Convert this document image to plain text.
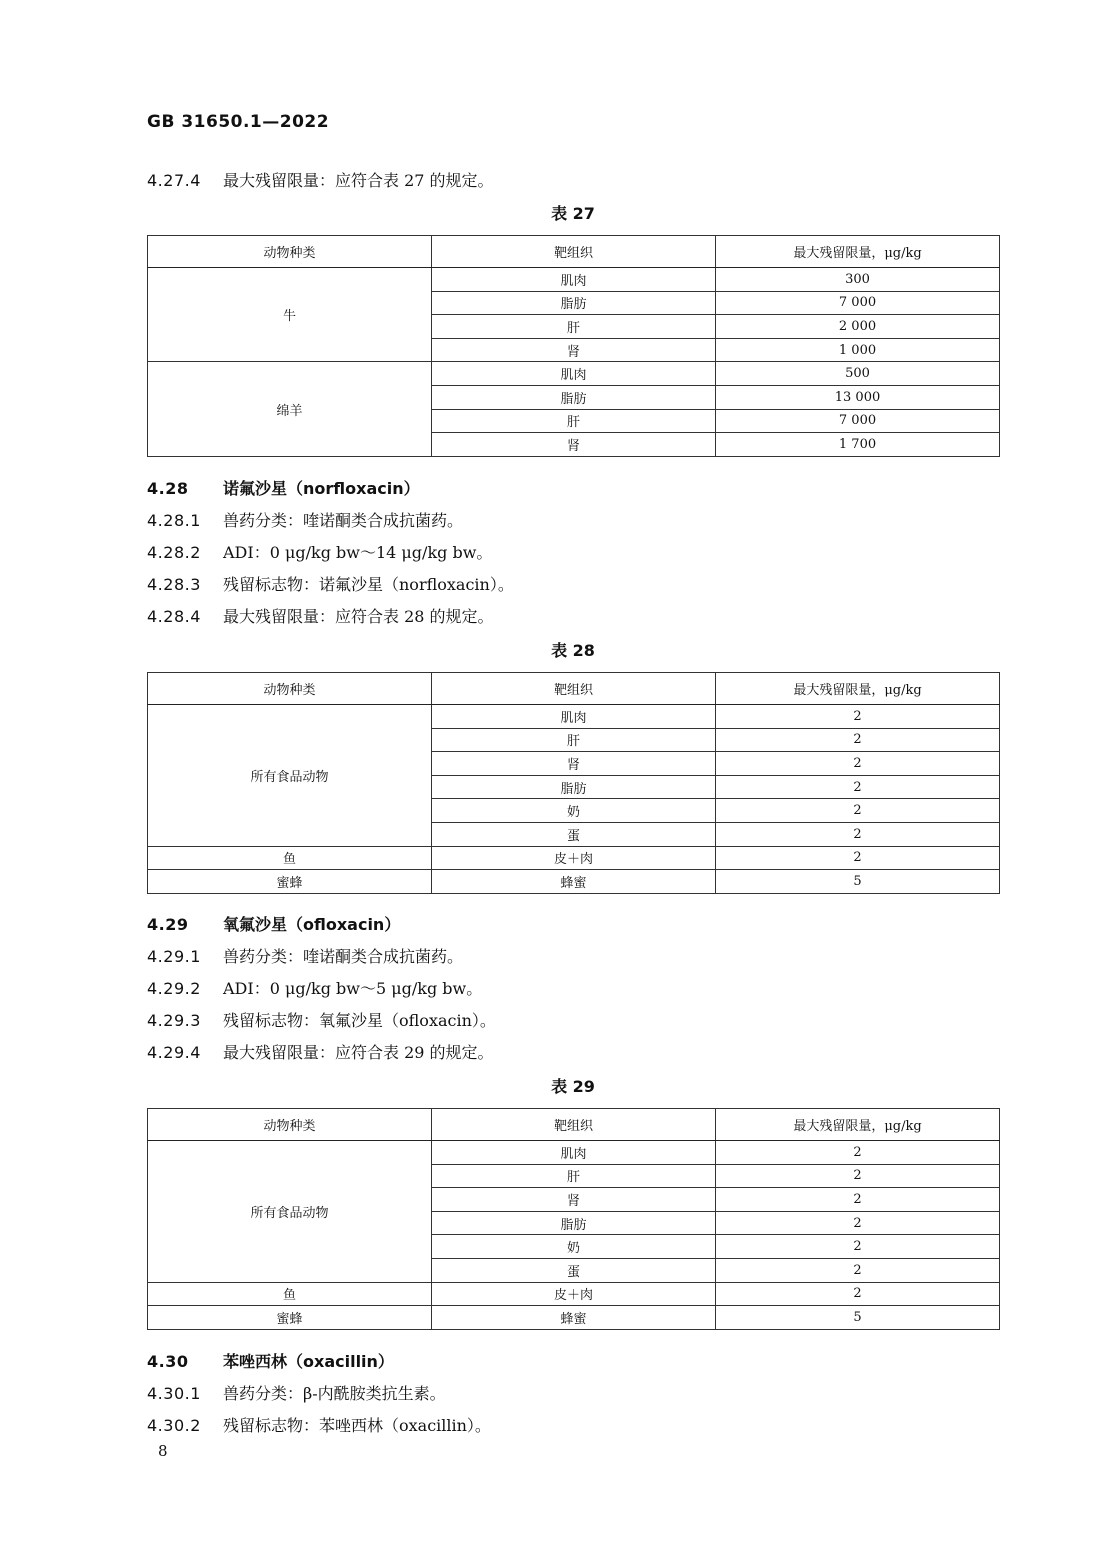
GB 31650.1—2022
4.27.4 最大残留限量：应符合表 27 的规定。
表 27
动物种类	靶组织	最大残留限量，μg/kg
牛	肌肉	300
	脂肪	7 000
	肝	2 000
	肾	1 000
绵羊	肌肉	500
	脂肪	13 000
	肝	7 000
	肾	1 700
4.28 诺氟沙星（norfloxacin）
4.28.1 兽药分类：喹诺酮类合成抗菌药。
4.28.2 ADI：0 μg/kg bw～14 μg/kg bw。
4.28.3 残留标志物：诺氟沙星（norfloxacin）。
4.28.4 最大残留限量：应符合表 28 的规定。
表 28
动物种类	靶组织	最大残留限量，μg/kg
所有食品动物	肌肉	2
	肝	2
	肾	2
	脂肪	2
	奶	2
	蛋	2
鱼	皮＋肉	2
蜜蜂	蜂蜜	5
4.29 氧氟沙星（ofloxacin）
4.29.1 兽药分类：喹诺酮类合成抗菌药。
4.29.2 ADI：0 μg/kg bw～5 μg/kg bw。
4.29.3 残留标志物：氧氟沙星（ofloxacin）。
4.29.4 最大残留限量：应符合表 29 的规定。
表 29
动物种类	靶组织	最大残留限量，μg/kg
所有食品动物	肌肉	2
	肝	2
	肾	2
	脂肪	2
	奶	2
	蛋	2
鱼	皮＋肉	2
蜜蜂	蜂蜜	5
4.30 苯唑西林（oxacillin）
4.30.1 兽药分类：β-内酰胺类抗生素。
4.30.2 残留标志物：苯唑西林（oxacillin）。
8
